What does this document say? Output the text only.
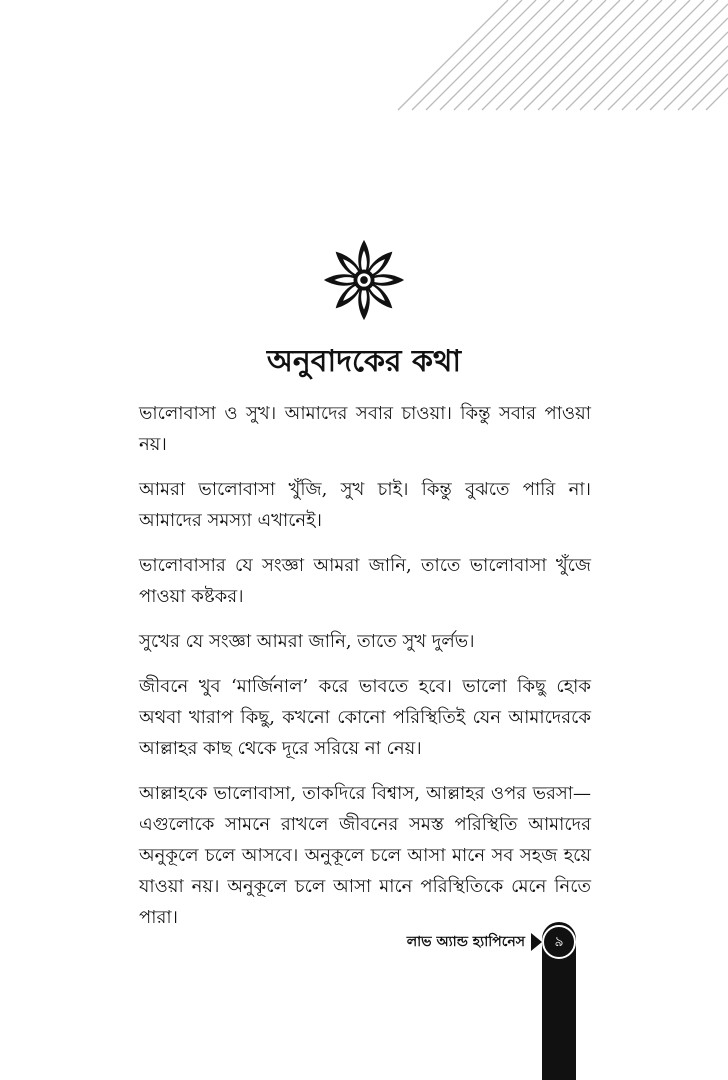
অনুবাদকের কথা

ভালোবাসা ও সুখ। আমাদের সবার চাওয়া। কিন্তু সবার পাওয়া নয়।

আমরা ভালোবাসা খুঁজি, সুখ চাই। কিন্তু বুঝতে পারি না। আমাদের সমস্যা এখানেই।

ভালোবাসার যে সংজ্ঞা আমরা জানি, তাতে ভালোবাসা খুঁজে পাওয়া কষ্টকর।

সুখের যে সংজ্ঞা আমরা জানি, তাতে সুখ দুর্লভ।

জীবনে খুব ‘মার্জিনাল’ করে ভাবতে হবে। ভালো কিছু হোক অথবা খারাপ কিছু, কখনো কোনো পরিস্থিতিই যেন আমাদেরকে আল্লাহর কাছ থেকে দূরে সরিয়ে না নেয়।

আল্লাহকে ভালোবাসা, তাকদিরে বিশ্বাস, আল্লাহর ওপর ভরসা—এগুলোকে সামনে রাখলে জীবনের সমস্ত পরিস্থিতি আমাদের অনুকূলে চলে আসবে। অনুকূলে চলে আসা মানে সব সহজ হয়ে যাওয়া নয়। অনুকূলে চলে আসা মানে পরিস্থিতিকে মেনে নিতে পারা।

লাভ অ্যান্ড হ্যাপিনেস	৯
